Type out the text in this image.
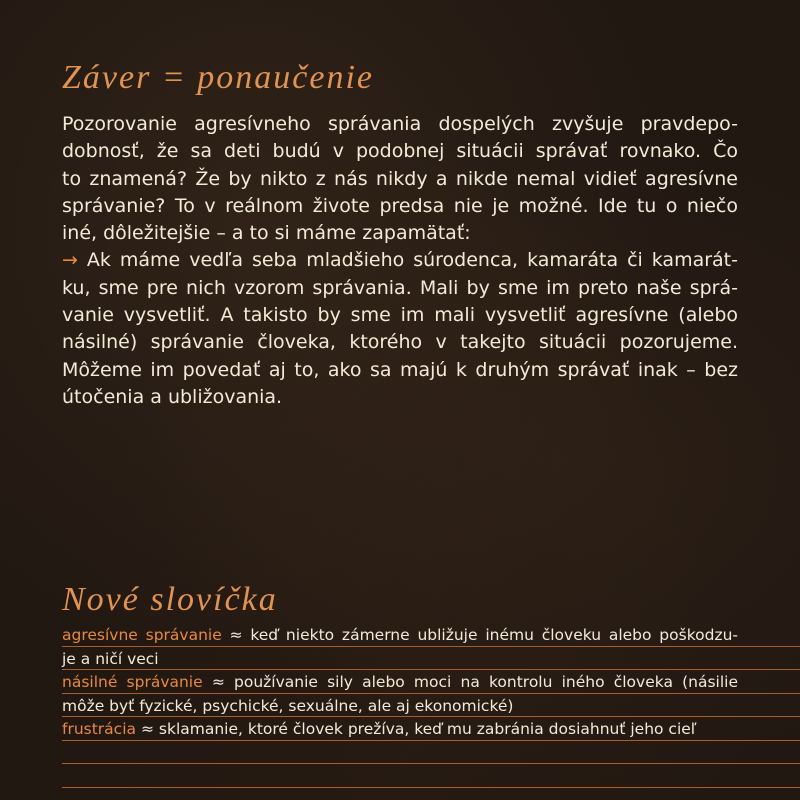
Záver = ponaučenie
Pozorovanie agresívneho správania dospelých zvyšuje pravdepo-
dobnosť, že sa deti budú v podobnej situácii správať rovnako. Čo
to znamená? Že by nikto z nás nikdy a nikde nemal vidieť agresívne
správanie? To v reálnom živote predsa nie je možné. Ide tu o niečo
iné, dôležitejšie – a to si máme zapamätať:
→ Ak máme vedľa seba mladšieho súrodenca, kamaráta či kamarát-
ku, sme pre nich vzorom správania. Mali by sme im preto naše sprá-
vanie vysvetliť. A takisto by sme im mali vysvetliť agresívne (alebo
násilné) správanie človeka, ktorého v takejto situácii pozorujeme.
Môžeme im povedať aj to, ako sa majú k druhým správať inak – bez
útočenia a ubližovania.
Nové slovíčka
agresívne správanie ≈ keď niekto zámerne ubližuje inému človeku alebo poškodzu-
je a ničí veci
násilné správanie ≈ používanie sily alebo moci na kontrolu iného človeka (násilie
môže byť fyzické, psychické, sexuálne, ale aj ekonomické)
frustrácia ≈ sklamanie, ktoré človek prežíva, keď mu zabránia dosiahnuť jeho cieľ
